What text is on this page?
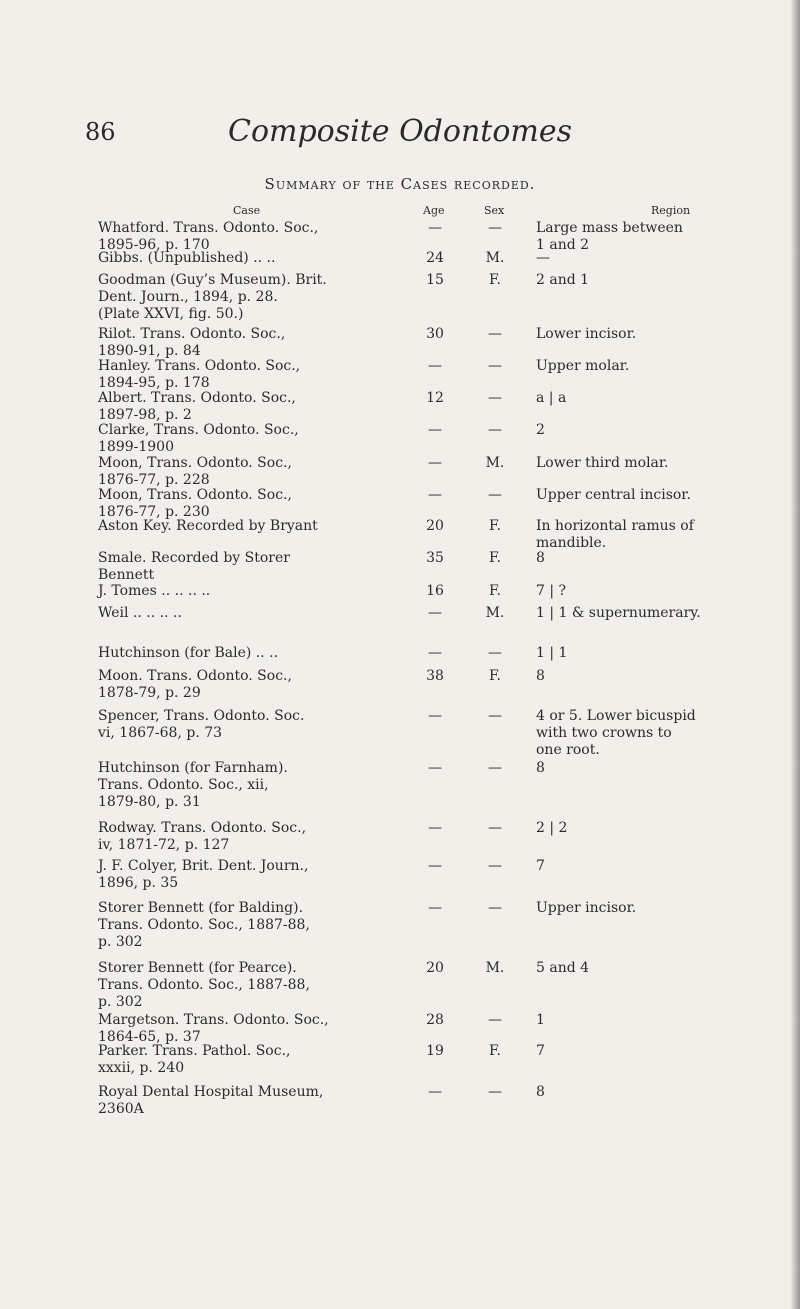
86	Composite Odontomes
Summary of the Cases recorded.
Case	Age	Sex	Region
Whatford. Trans. Odonto. Soc.,
1895-96, p. 170
—	—	Large mass between
1 and 2
Gibbs. (Unpublished) .. ..	24	M.	—
Goodman (Guy’s Museum). Brit.
Dent. Journ., 1894, p. 28.
(Plate XXVI, fig. 50.)
15	F.	2 and 1
Rilot. Trans. Odonto. Soc.,
1890-91, p. 84
30	—	Lower incisor.
Hanley. Trans. Odonto. Soc.,
1894-95, p. 178
—	—	Upper molar.
Albert. Trans. Odonto. Soc.,
1897-98, p. 2
12	—	a | a
Clarke, Trans. Odonto. Soc.,
1899-1900
—	—	2
Moon, Trans. Odonto. Soc.,
1876-77, p. 228
—	M.	Lower third molar.
Moon, Trans. Odonto. Soc.,
1876-77, p. 230
—	—	Upper central incisor.
Aston Key. Recorded by Bryant	20	F.	In horizontal ramus of
mandible.
Smale. Recorded by Storer
Bennett
35	F.	8
J. Tomes .. .. .. ..	16	F.	7 | ?
Weil .. .. .. ..	—	M.	1 | 1 & supernumerary.
Hutchinson (for Bale) .. ..	—	—	1 | 1
Moon. Trans. Odonto. Soc.,
1878-79, p. 29
38	F.	8
Spencer, Trans. Odonto. Soc.
vi, 1867-68, p. 73
—	—	4 or 5. Lower bicuspid
with two crowns to
one root.
Hutchinson (for Farnham).
Trans. Odonto. Soc., xii,
1879-80, p. 31
—	—	8
Rodway. Trans. Odonto. Soc.,
iv, 1871-72, p. 127
—	—	2 | 2
J. F. Colyer, Brit. Dent. Journ.,
1896, p. 35
—	—	7
Storer Bennett (for Balding).
Trans. Odonto. Soc., 1887-88,
p. 302
—	—	Upper incisor.
Storer Bennett (for Pearce).
Trans. Odonto. Soc., 1887-88,
p. 302
20	M.	5 and 4
Margetson. Trans. Odonto. Soc.,
1864-65, p. 37
28	—	1
Parker. Trans. Pathol. Soc.,
xxxii, p. 240
19	F.	7
Royal Dental Hospital Museum,
2360A
—	—	8
